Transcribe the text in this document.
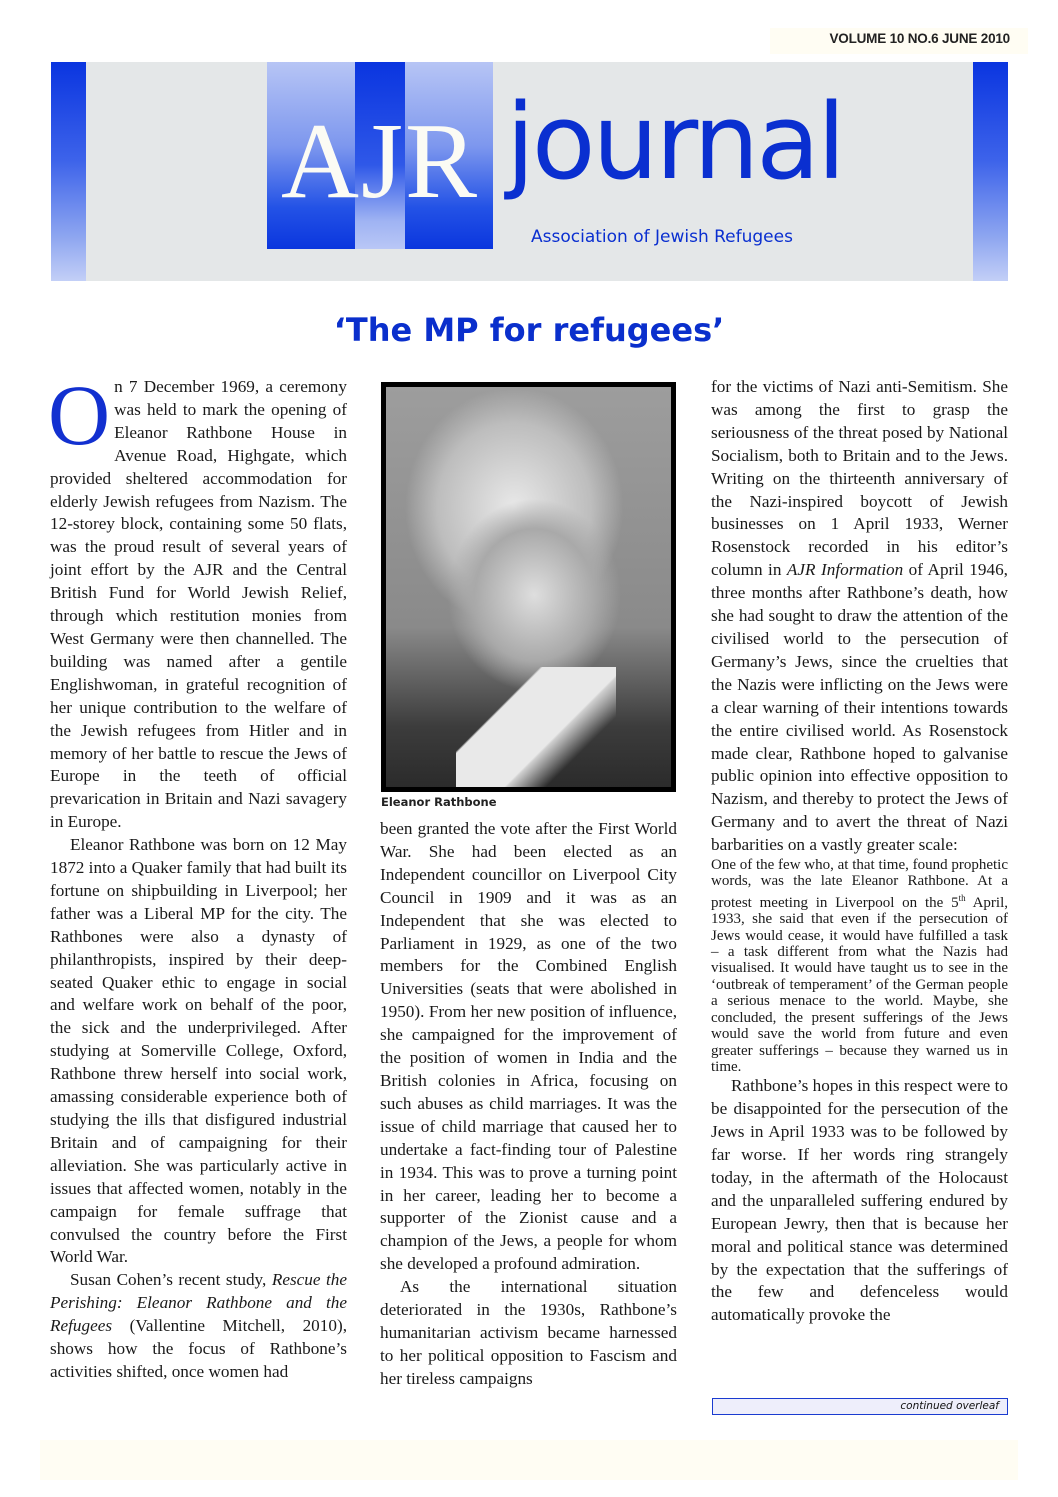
VOLUME 10 NO.6 JUNE 2010
AJR journal
Association of Jewish Refugees
‘The MP for refugees’

On 7 December 1969, a ceremony was held to mark the opening of Eleanor Rathbone House in Avenue Road, Highgate, which provided sheltered accommodation for elderly Jewish refugees from Nazism. The 12-storey block, containing some 50 flats, was the proud result of several years of joint effort by the AJR and the Central British Fund for World Jewish Relief, through which restitution monies from West Germany were then channelled. The building was named after a gentile Englishwoman, in grateful recognition of her unique contribution to the welfare of the Jewish refugees from Hitler and in memory of her battle to rescue the Jews of Europe in the teeth of official prevarication in Britain and Nazi savagery in Europe.

Eleanor Rathbone was born on 12 May 1872 into a Quaker family that had built its fortune on shipbuilding in Liverpool; her father was a Liberal MP for the city. The Rathbones were also a dynasty of philanthropists, inspired by their deep-seated Quaker ethic to engage in social and welfare work on behalf of the poor, the sick and the underprivileged. After studying at Somerville College, Oxford, Rathbone threw herself into social work, amassing considerable experience both of studying the ills that disfigured industrial Britain and of campaigning for their alleviation. She was particularly active in issues that affected women, notably in the campaign for female suffrage that convulsed the country before the First World War.

Susan Cohen’s recent study, Rescue the Perishing: Eleanor Rathbone and the Refugees (Vallentine Mitchell, 2010), shows how the focus of Rathbone’s activities shifted, once women had

Eleanor Rathbone

been granted the vote after the First World War. She had been elected as an Independent councillor on Liverpool City Council in 1909 and it was as an Independent that she was elected to Parliament in 1929, as one of the two members for the Combined English Universities (seats that were abolished in 1950). From her new position of influence, she campaigned for the improvement of the position of women in India and the British colonies in Africa, focusing on such abuses as child marriages. It was the issue of child marriage that caused her to undertake a fact-finding tour of Palestine in 1934. This was to prove a turning point in her career, leading her to become a supporter of the Zionist cause and a champion of the Jews, a people for whom she developed a profound admiration.

As the international situation deteriorated in the 1930s, Rathbone’s humanitarian activism became harnessed to her political opposition to Fascism and her tireless campaigns

for the victims of Nazi anti-Semitism. She was among the first to grasp the seriousness of the threat posed by National Socialism, both to Britain and to the Jews. Writing on the thirteenth anniversary of the Nazi-inspired boycott of Jewish businesses on 1 April 1933, Werner Rosenstock recorded in his editor’s column in AJR Information of April 1946, three months after Rathbone’s death, how she had sought to draw the attention of the civilised world to the persecution of Germany’s Jews, since the cruelties that the Nazis were inflicting on the Jews were a clear warning of their intentions towards the entire civilised world. As Rosenstock made clear, Rathbone hoped to galvanise public opinion into effective opposition to Nazism, and thereby to protect the Jews of Germany and to avert the threat of Nazi barbarities on a vastly greater scale:

One of the few who, at that time, found prophetic words, was the late Eleanor Rathbone. At a protest meeting in Liverpool on the 5th April, 1933, she said that even if the persecution of Jews would cease, it would have fulfilled a task – a task different from what the Nazis had visualised. It would have taught us to see in the ‘outbreak of temperament’ of the German people a serious menace to the world. Maybe, she concluded, the present sufferings of the Jews would save the world from future and even greater sufferings – because they warned us in time.

Rathbone’s hopes in this respect were to be disappointed for the persecution of the Jews in April 1933 was to be followed by far worse. If her words ring strangely today, in the aftermath of the Holocaust and the unparalleled suffering endured by European Jewry, then that is because her moral and political stance was determined by the expectation that the sufferings of the few and defenceless would automatically provoke the

continued overleaf
